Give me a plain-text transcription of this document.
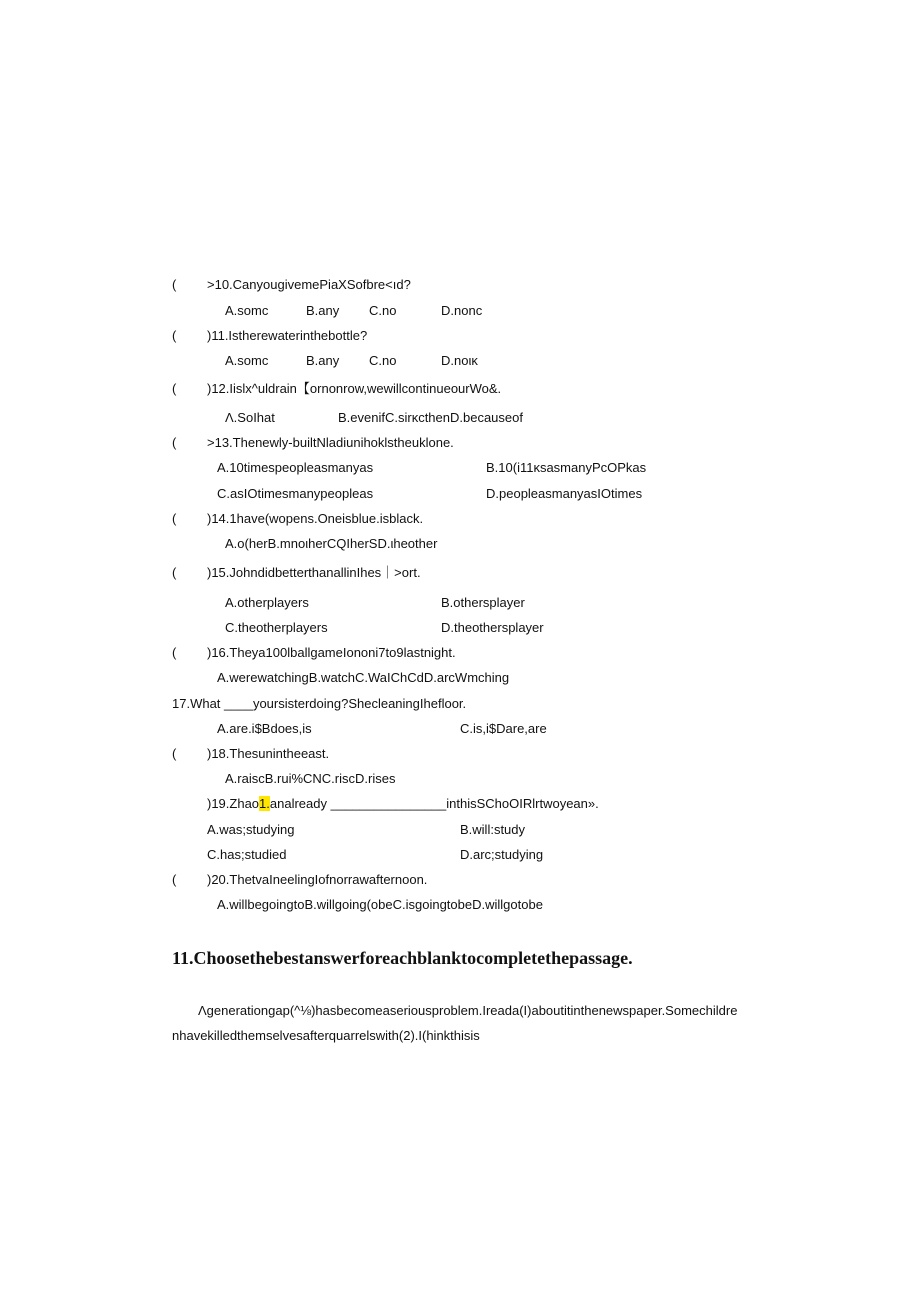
( >10.CanyougivemePiaXSofbre<ıd?
A.somc	B.any C.no	D.nonc
( )11.Istherewaterinthebottle?
A.somc	B.any C.no	D.noικ
( )12.Iislx^uldrain【ornonrow,wewillcontinueourWo&.
Λ.SoIhat	B.evenifC.sirκcthenD.becauseof
( >13.Thenewly-builtNladiunihoklstheuklone.
A.10timespeopleasmanyas	B.10(i11κsasmanyPcOPkas
C.asIOtimesmanypeopleas	D.peopleasmanyasIOtimes
( )14.1have(wopens.Oneisblue.isblack.
A.o(herB.mnoιherCQIherSD.ιheother
( )15.JohndidbetterthanallinIhes｜>ort.
A.otherplayers	B.othersplayer
C.theotherplayers	D.theothersplayer
( )16.Theya100lballgameIononi7to9lastnight.
A.werewatchingB.watchC.WaIChCdD.arcWmching
17.What ____yoursisterdoing?ShecleaningIhefloor.
A.are.i$Bdoes,is	C.is,i$Dare,are
( )18.Thesunintheeast.
A.raiscB.rui%CNC.riscD.rises
)19.Zhao1.analready ________________inthisSChoOIRlrtwoyean».
A.was;studying	B.will:study
C.has;studied	D.arc;studying
( )20.ThetvaIneelingIofnorrawafternoon.
A.willbegoingtoB.willgoing(obeC.isgoingtobeD.willgotobe
11.Choosethebestanswerforeachblanktocompletethepassage.
Λgenerationgap(^⅛)hasbecomeaseriousproblem.Ireada(I)aboutitinthenewspaper.Somechildre
nhavekilledthemselvesafterquarrelswith(2).I(hinkthisis
